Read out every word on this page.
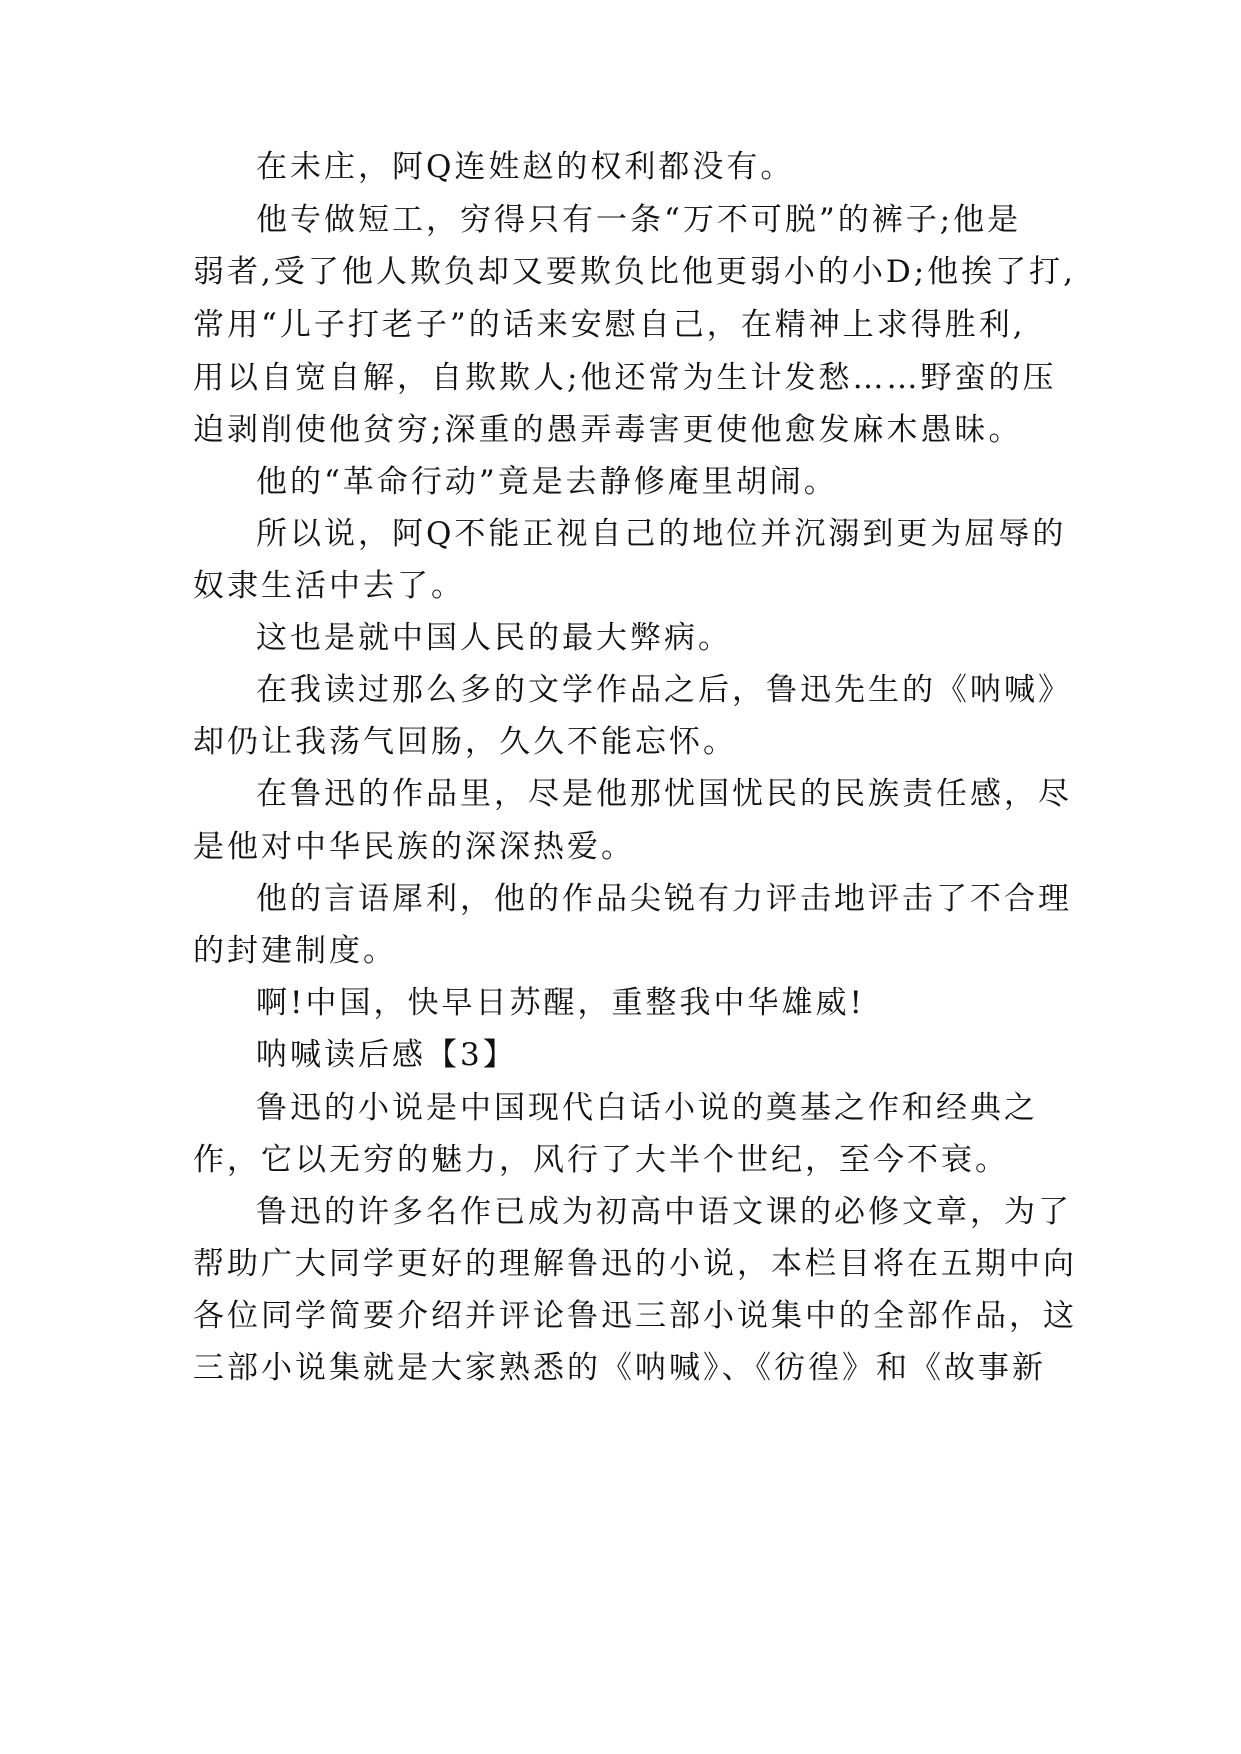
在未庄，阿Q连姓赵的权利都没有。
他专做短工，穷得只有一条“万不可脱”的裤子;他是
弱者,受了他人欺负却又要欺负比他更弱小的小D;他挨了打,
常用“儿子打老子”的话来安慰自己，在精神上求得胜利,
用以自宽自解，自欺欺人;他还常为生计发愁……野蛮的压
迫剥削使他贫穷;深重的愚弄毒害更使他愈发麻木愚昧。
他的“革命行动”竟是去静修庵里胡闹。
所以说，阿Q不能正视自己的地位并沉溺到更为屈辱的
奴隶生活中去了。
这也是就中国人民的最大弊病。
在我读过那么多的文学作品之后，鲁迅先生的《呐喊》
却仍让我荡气回肠，久久不能忘怀。
在鲁迅的作品里，尽是他那忧国忧民的民族责任感，尽
是他对中华民族的深深热爱。
他的言语犀利，他的作品尖锐有力评击地评击了不合理
的封建制度。
啊!中国，快早日苏醒，重整我中华雄威!
呐喊读后感【3】
鲁迅的小说是中国现代白话小说的奠基之作和经典之
作，它以无穷的魅力，风行了大半个世纪，至今不衰。
鲁迅的许多名作已成为初高中语文课的必修文章，为了
帮助广大同学更好的理解鲁迅的小说，本栏目将在五期中向
各位同学简要介绍并评论鲁迅三部小说集中的全部作品，这
三部小说集就是大家熟悉的《呐喊》、《彷徨》和《故事新
